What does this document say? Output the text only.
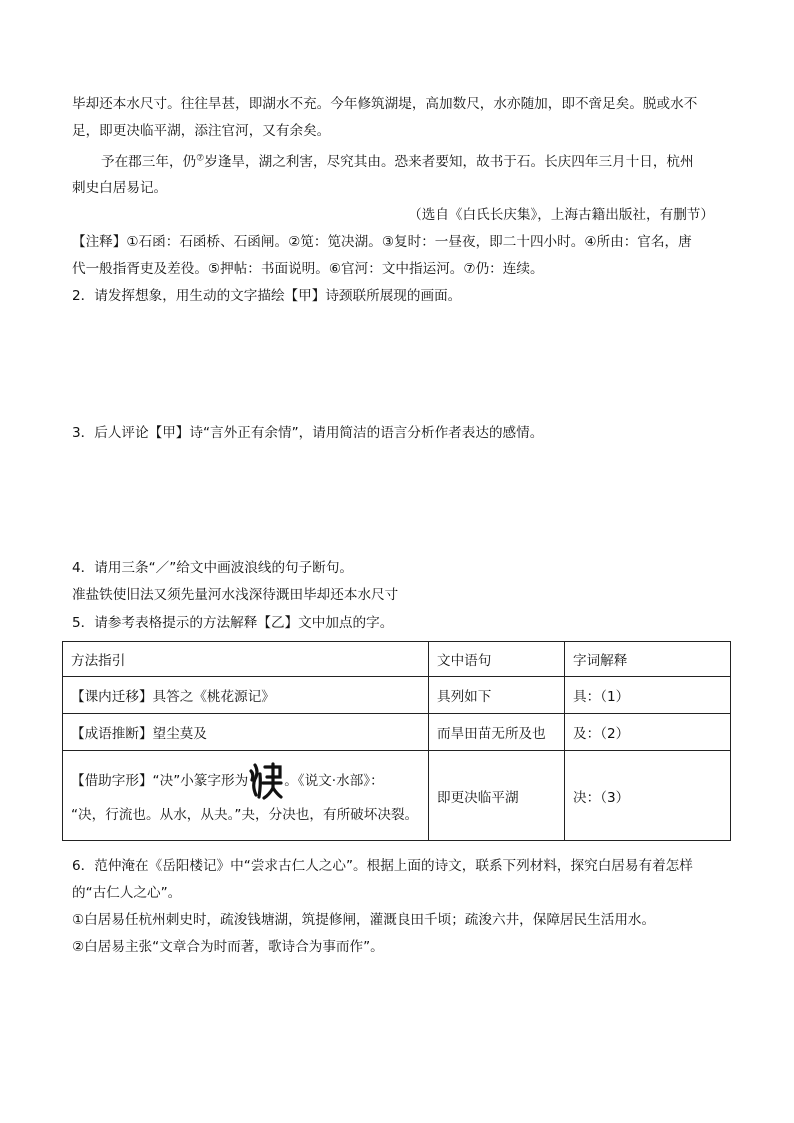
毕却还本水尺寸。往往旱甚，即湖水不充。今年修筑湖堤，高加数尺，水亦随加，即不啻足矣。脱或水不
足，即更决临平湖，添注官河，又有余矣。
予在郡三年，仍⑦岁逢旱，湖之利害，尽究其由。恐来者要知，故书于石。长庆四年三月十日，杭州
刺史白居易记。
（选自《白氏长庆集》，上海古籍出版社，有删节）
【注释】①石函：石函桥、石函闸。②笕：笕决湖。③复时：一昼夜，即二十四小时。④所由：官名，唐
代一般指胥吏及差役。⑤押帖：书面说明。⑥官河：文中指运河。⑦仍：连续。
2．请发挥想象，用生动的文字描绘【甲】诗颈联所展现的画面。
3．后人评论【甲】诗“言外正有余情”，请用简洁的语言分析作者表达的感情。
4．请用三条“／”给文中画波浪线的句子断句。
准盐铁使旧法又须先量河水浅深待溉田毕却还本水尺寸
5．请参考表格提示的方法解释【乙】文中加点的字。
方法指引	文中语句	字词解释
【课内迁移】具答之《桃花源记》	具列如下	具：（1）
【成语推断】望尘莫及	而旱田苗无所及也	及：（2）

【借助字形】“决”小篆字形为 。《说文·水部》：
“决，行流也。从水，从夬。”夬，分决也，有所破坏决裂。	即更决临平湖	决：（3）
6．范仲淹在《岳阳楼记》中“尝求古仁人之心”。根据上面的诗文，联系下列材料，探究白居易有着怎样
的“古仁人之心”。
①白居易任杭州刺史时，疏浚钱塘湖，筑提修闸，灌溉良田千顷；疏浚六井，保障居民生活用水。
②白居易主张“文章合为时而著，歌诗合为事而作”。
